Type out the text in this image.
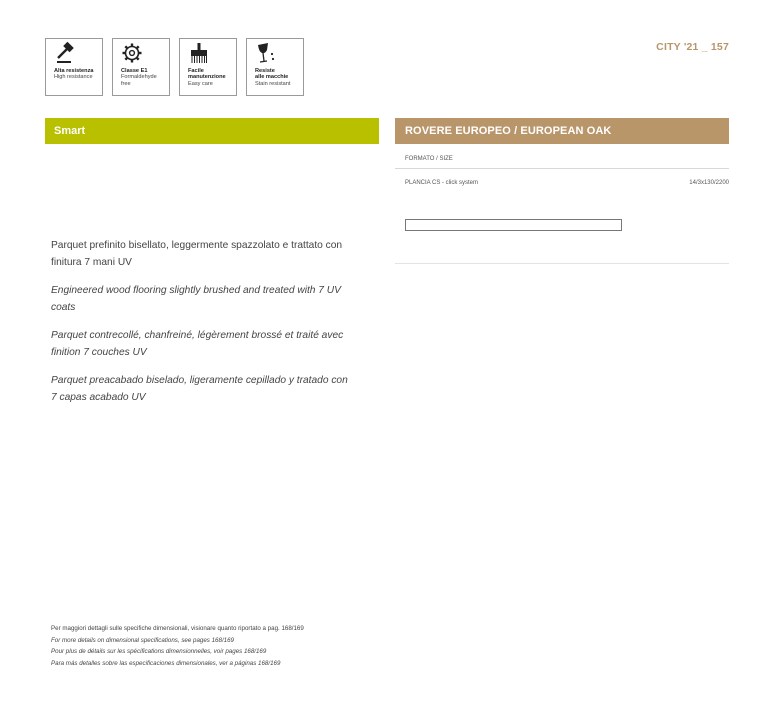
Alta resistenza
High resistance
Classe E1
Formaldehyde
free
Facile
manutenzione
Easy care
Resiste
alle macchie
Stain resistant
CITY '21 _ 157
Smart	ROVERE EUROPEO / EUROPEAN OAK
FORMATO / SIZE
PLANCIA CS - click system	14/3x130/2200

Parquet prefinito bisellato, leggermente spazzolato e trattato con finitura 7 mani UV

Engineered wood flooring slightly brushed and treated with 7 UV coats

Parquet contrecollé, chanfreiné, légèrement brossé et traité avec finition 7 couches UV

Parquet preacabado biselado, ligeramente cepillado y tratado con 7 capas acabado UV

Per maggiori dettagli sulle specifiche dimensionali, visionare quanto riportato a pag. 168/169
For more details on dimensional specifications, see pages 168/169
Pour plus de détails sur les spécifications dimensionnelles, voir pages 168/169
Para más detalles sobre las especificaciones dimensionales, ver a páginas 168/169
